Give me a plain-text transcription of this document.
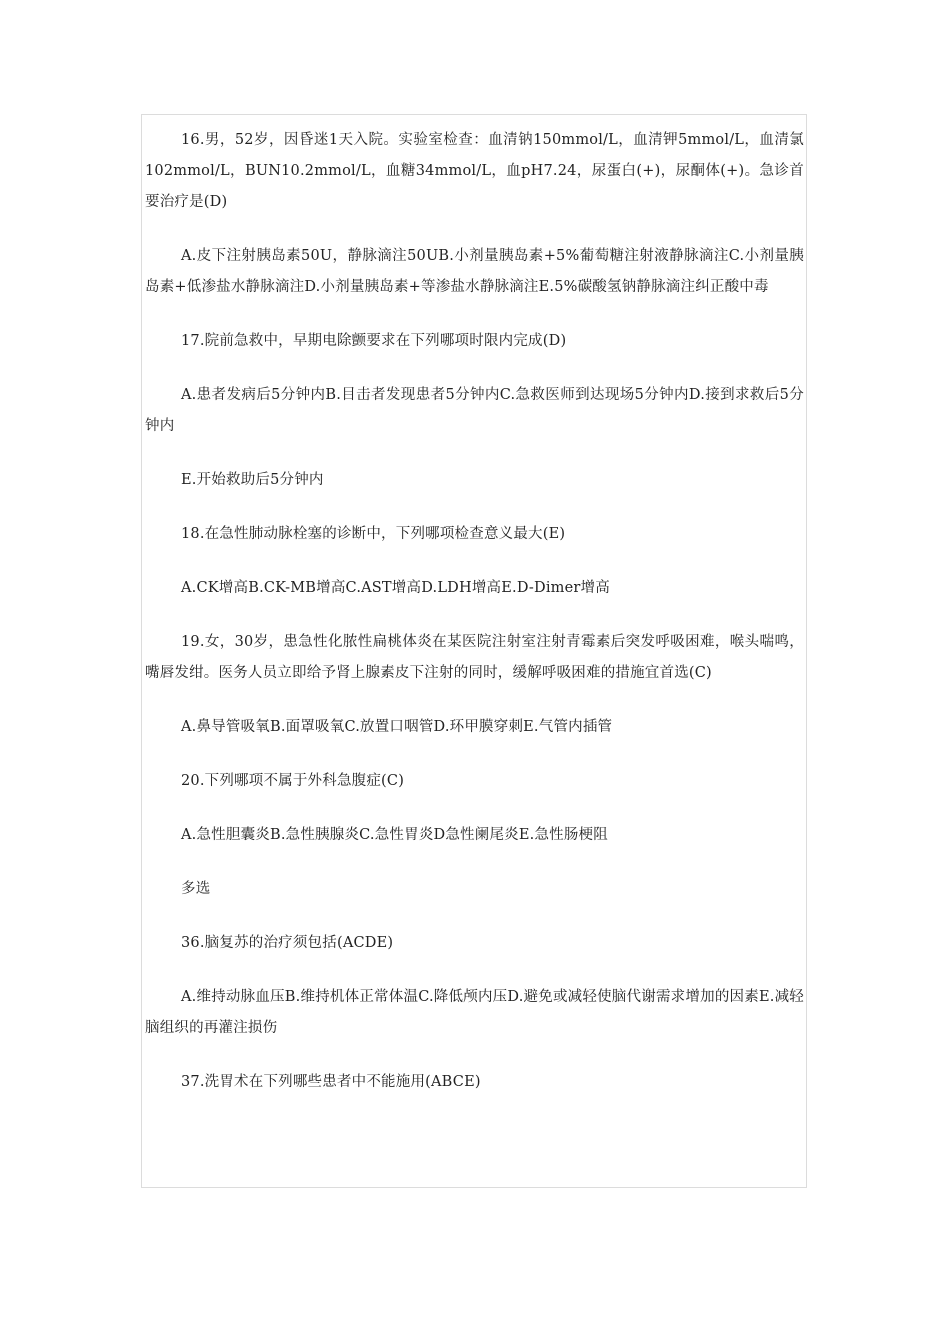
16.男，52岁，因昏迷1天入院。实验室检查：血清钠150mmol/L，血清钾5mmol/L，血清氯102mmol/L，BUN10.2mmol/L，血糖34mmol/L，血pH7.24，尿蛋白(+)，尿酮体(+)。急诊首要治疗是(D)

A.皮下注射胰岛素50U，静脉滴注50UB.小剂量胰岛素+5%葡萄糖注射液静脉滴注C.小剂量胰岛素+低渗盐水静脉滴注D.小剂量胰岛素+等渗盐水静脉滴注E.5%碳酸氢钠静脉滴注纠正酸中毒

17.院前急救中，早期电除颤要求在下列哪项时限内完成(D)

A.患者发病后5分钟内B.目击者发现患者5分钟内C.急救医师到达现场5分钟内D.接到求救后5分钟内

E.开始救助后5分钟内

18.在急性肺动脉栓塞的诊断中，下列哪项检查意义最大(E)

A.CK增高B.CK-MB增高C.AST增高D.LDH增高E.D-Dimer增高

19.女，30岁，患急性化脓性扁桃体炎在某医院注射室注射青霉素后突发呼吸困难，喉头喘鸣，嘴唇发绀。医务人员立即给予肾上腺素皮下注射的同时，缓解呼吸困难的措施宜首选(C)

A.鼻导管吸氧B.面罩吸氧C.放置口咽管D.环甲膜穿刺E.气管内插管

20.下列哪项不属于外科急腹症(C)

A.急性胆囊炎B.急性胰腺炎C.急性胃炎D急性阑尾炎E.急性肠梗阻

多选

36.脑复苏的治疗须包括(ACDE)

A.维持动脉血压B.维持机体正常体温C.降低颅内压D.避免或减轻使脑代谢需求增加的因素E.减轻脑组织的再灌注损伤

37.洗胃术在下列哪些患者中不能施用(ABCE)
